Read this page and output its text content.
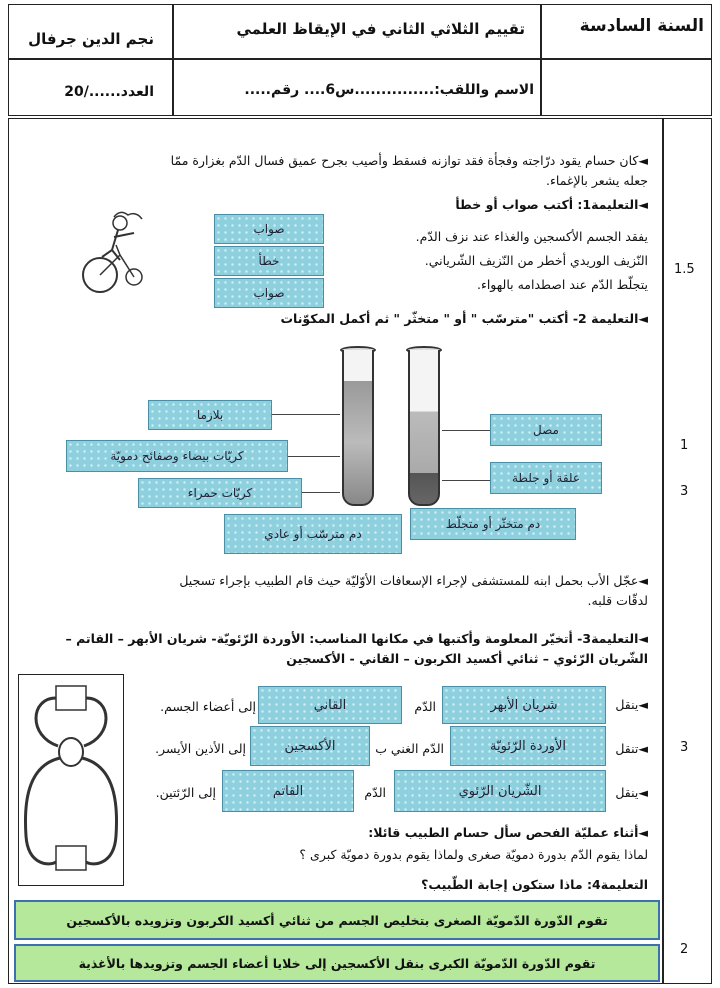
السنة السادسة
تقييم الثلاثي الثاني في الإيقاظ العلمي
نجم الدين جرفال
الاسم واللقب:...............س6.... رقم.....
العدد....../20
1.5
1
3
3
2
◄كان حسام يقود درّاجته وفجأة فقد توازنه فسقط وأصيب بجرح عميق فسال الدّم بغزارة ممّا
جعله يشعر بالإغماء.
◄التعليمة1: أكتب صواب أو خطأ
يفقد الجسم الأكسجين والغذاء عند نزف الدّم.
النّزيف الوريدي أخطر من النّزيف الشّرياني.
يتجلّط الدّم عند اصطدامه بالهواء.
صواب
خطأ
صواب
◄التعليمة 2- أكتب "مترسّب " أو " متخثّر " ثم أكمل المكوّنات
بلازما
كريّات بيضاء وصفائح دمويّة
كريّات حمراء
دم مترسّب أو عادي
مصل
علقة أو جلطة
دم متخثّر أو متجلّط
◄عجّل الأب بحمل ابنه للمستشفى لإجراء الإسعافات الأوّليّة حيث قام الطبيب بإجراء تسجيل
لدقّات قلبه.
◄التعليمة3- أتخيّر المعلومة وأكتبها في مكانها المناسب: الأوردة الرّئويّة- شريان الأبهر – القاتم –
الشّريان الرّئوي – ثنائي أكسيد الكربون – القاني - الأكسجين
◄ينقل
شريان الأبهر
الدّم
القاني
إلى أعضاء الجسم.
◄تنقل
الأوردة الرّئويّة
الدّم الغني ب
الأكسجين
إلى الأذين الأيسر.
◄ينقل
الشّريان الرّئوي
الدّم
القاتم
إلى الرّئتين.
◄أثناء عمليّة الفحص سأل حسام الطبيب قائلا:
لماذا يقوم الدّم بدورة دمويّة صغرى ولماذا يقوم بدورة دمويّة كبرى ؟
التعليمة4: ماذا ستكون إجابة الطّبيب؟
تقوم الدّورة الدّمويّة الصغرى بتخليص الجسم من ثنائي أكسيد الكربون وتزويده بالأكسجين
تقوم الدّورة الدّمويّة الكبرى بنقل الأكسجين إلى خلايا أعضاء الجسم وتزويدها بالأغذية
